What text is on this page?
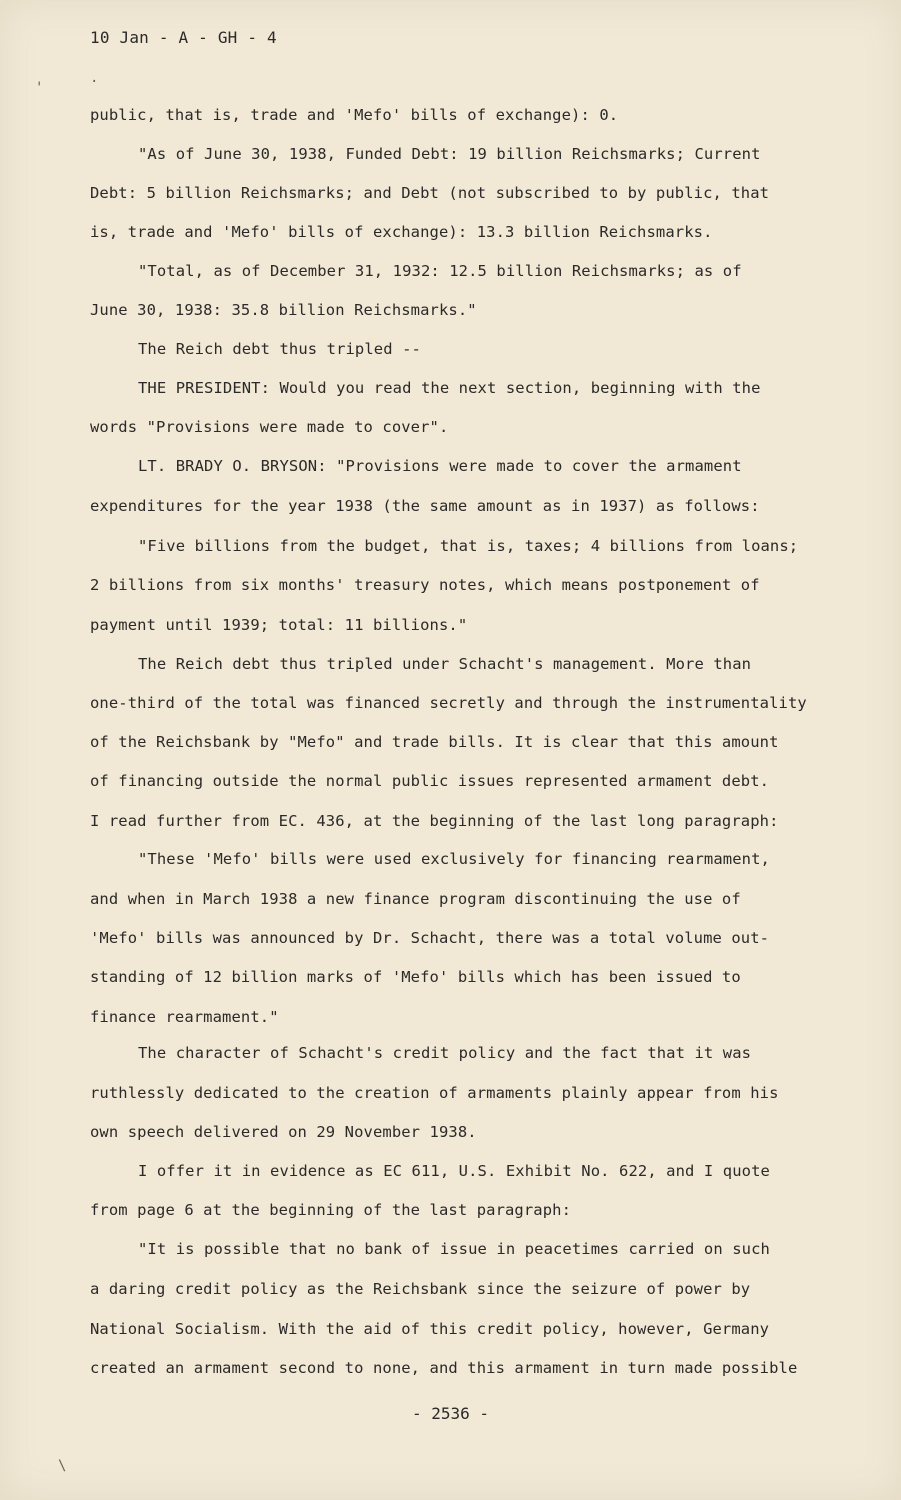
10 Jan - A - GH - 4
'
.
\
public, that is, trade and 'Mefo' bills of exchange): 0.
"As of June 30, 1938, Funded Debt: 19 billion Reichsmarks; Current
Debt: 5 billion Reichsmarks; and Debt (not subscribed to by public, that
is, trade and 'Mefo' bills of exchange): 13.3 billion Reichsmarks.
"Total, as of December 31, 1932: 12.5 billion Reichsmarks; as of
June 30, 1938: 35.8 billion Reichsmarks."
The Reich debt thus tripled --
THE PRESIDENT: Would you read the next section, beginning with the
words "Provisions were made to cover".
LT. BRADY O. BRYSON: "Provisions were made to cover the armament
expenditures for the year 1938 (the same amount as in 1937) as follows:
"Five billions from the budget, that is, taxes; 4 billions from loans;
2 billions from six months' treasury notes, which means postponement of
payment until 1939; total: 11 billions."
The Reich debt thus tripled under Schacht's management. More than
one-third of the total was financed secretly and through the instrumentality
of the Reichsbank by "Mefo" and trade bills. It is clear that this amount
of financing outside the normal public issues represented armament debt.
I read further from EC. 436, at the beginning of the last long paragraph:
"These 'Mefo' bills were used exclusively for financing rearmament,
and when in March 1938 a new finance program discontinuing the use of
'Mefo' bills was announced by Dr. Schacht, there was a total volume out-
standing of 12 billion marks of 'Mefo' bills which has been issued to
finance rearmament."
The character of Schacht's credit policy and the fact that it was
ruthlessly dedicated to the creation of armaments plainly appear from his
own speech delivered on 29 November 1938.
I offer it in evidence as EC 611, U.S. Exhibit No. 622, and I quote
from page 6 at the beginning of the last paragraph:
"It is possible that no bank of issue in peacetimes carried on such
a daring credit policy as the Reichsbank since the seizure of power by
National Socialism. With the aid of this credit policy, however, Germany
created an armament second to none, and this armament in turn made possible
- 2536 -
